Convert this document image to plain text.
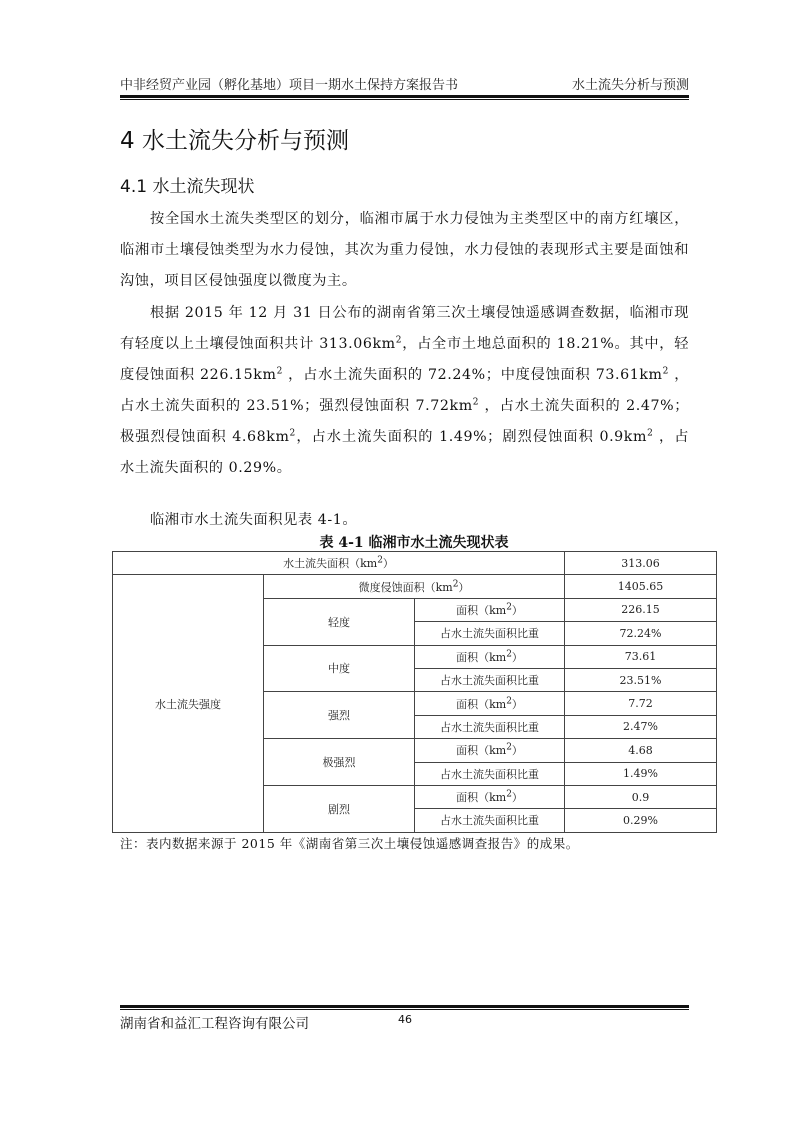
中非经贸产业园（孵化基地）项目一期水土保持方案报告书	水土流失分析与预测
4 水土流失分析与预测
4.1 水土流失现状
按全国水土流失类型区的划分，临湘市属于水力侵蚀为主类型区中的南方红壤区，临湘市土壤侵蚀类型为水力侵蚀，其次为重力侵蚀，水力侵蚀的表现形式主要是面蚀和沟蚀，项目区侵蚀强度以微度为主。
根据 2015 年 12 月 31 日公布的湖南省第三次土壤侵蚀遥感调查数据，临湘市现有轻度以上土壤侵蚀面积共计 $313.06km^2$，占全市土地总面积的 18.21%。其中，轻度侵蚀面积 $226.15km^2$ ，占水土流失面积的 72.24%；中度侵蚀面积 $73.61km^2$ ，占水土流失面积的 23.51%；强烈侵蚀面积 $7.72km^2$ ，占水土流失面积的 2.47%；极强烈侵蚀面积 $4.68km^2$，占水土流失面积的 1.49%；剧烈侵蚀面积 $0.9km^2$ ，占水土流失面积的 0.29%。
临湘市水土流失面积见表 4-1。
表 4-1 临湘市水土流失现状表
水土流失面积$(km^2)$			313.06
水土流失强度	微度侵蚀面积$(km^2)$		1405.65
	轻度	面积$(km^2)$	226.15
		占水土流失面积比重	72.24%
	中度	面积$(km^2)$	73.61
		占水土流失面积比重	23.51%
	强烈	面积$(km^2)$	7.72
		占水土流失面积比重	2.47%
	极强烈	面积$(km^2)$	4.68
		占水土流失面积比重	1.49%
	剧烈	面积$(km^2)$	0.9
		占水土流失面积比重	0.29%
注：表内数据来源于 2015 年《湖南省第三次土壤侵蚀遥感调查报告》的成果。
湖南省和益汇工程咨询有限公司	46
